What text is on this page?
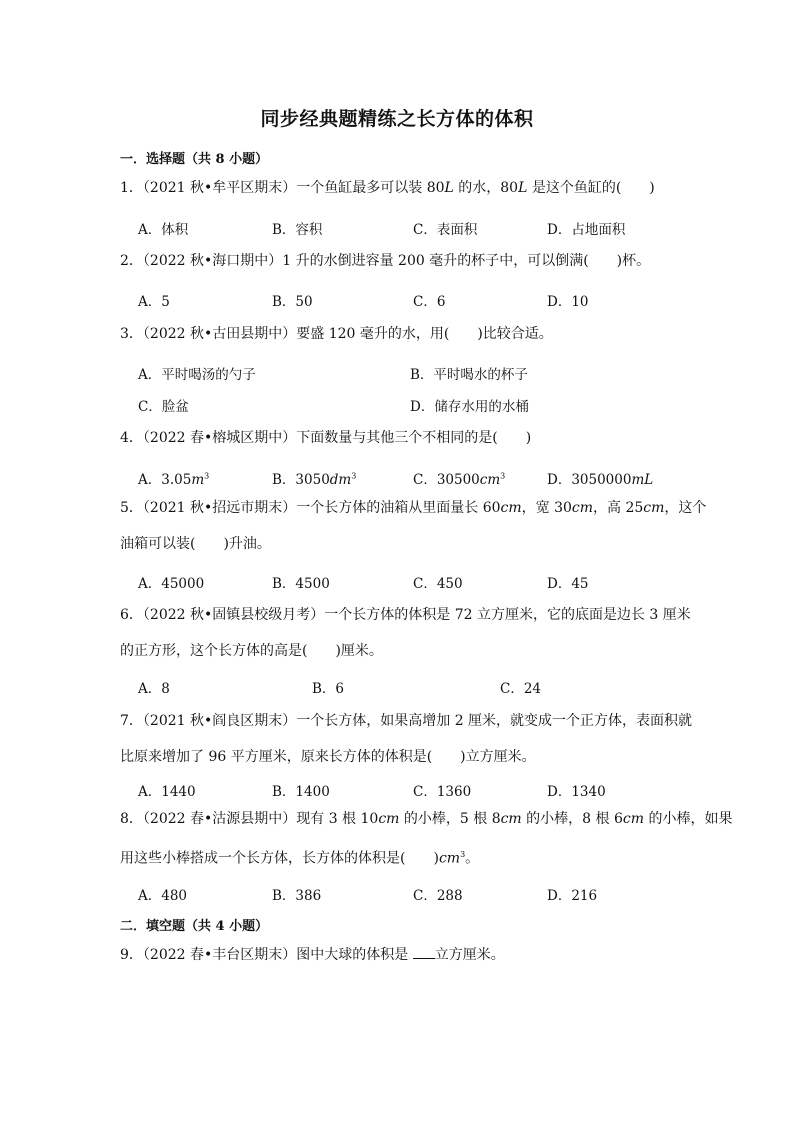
同步经典题精练之长方体的体积
一．选择题（共 8 小题）
1．（2021 秋•牟平区期末）一个鱼缸最多可以装 80𝐿 的水，80𝐿 是这个鱼缸的(　　)
A．体积	B．容积	C．表面积	D．占地面积
2．（2022 秋•海口期中）1 升的水倒进容量 200 毫升的杯子中，可以倒满(　　)杯。
A．5	B．50	C．6	D．10
3．（2022 秋•古田县期中）要盛 120 毫升的水，用(　　)比较合适。
A．平时喝汤的勺子	B．平时喝水的杯子
C．脸盆	D．储存水用的水桶
4．（2022 春•榕城区期中）下面数量与其他三个不相同的是(　　)
A．$3.05m^3$	B．$3050dm^3$	C．$30500cm^3$	D．3050000mL
5．（2021 秋•招远市期末）一个长方体的油箱从里面量长 60𝑐𝑚，宽 30𝑐𝑚，高 25𝑐𝑚，这个
油箱可以装(　　)升油。
A．45000	B．4500	C．450	D．45
6．（2022 秋•固镇县校级月考）一个长方体的体积是 72 立方厘米，它的底面是边长 3 厘米
的正方形，这个长方体的高是(　　)厘米。
A．8	B．6	C．24
7．（2021 秋•阎良区期末）一个长方体，如果高增加 2 厘米，就变成一个正方体，表面积就
比原来增加了 96 平方厘米，原来长方体的体积是(　　)立方厘米。
A．1440	B．1400	C．1360	D．1340
8．（2022 春•沽源县期中）现有 3 根 10𝑐𝑚 的小棒，5 根 8𝑐𝑚 的小棒，8 根 6𝑐𝑚 的小棒，如果
用这些小棒搭成一个长方体，长方体的体积是(　　)$cm^3$。
A．480	B．386	C．288	D．216
二．填空题（共 4 小题）
9．（2022 春•丰台区期末）图中大球的体积是 立方厘米。
